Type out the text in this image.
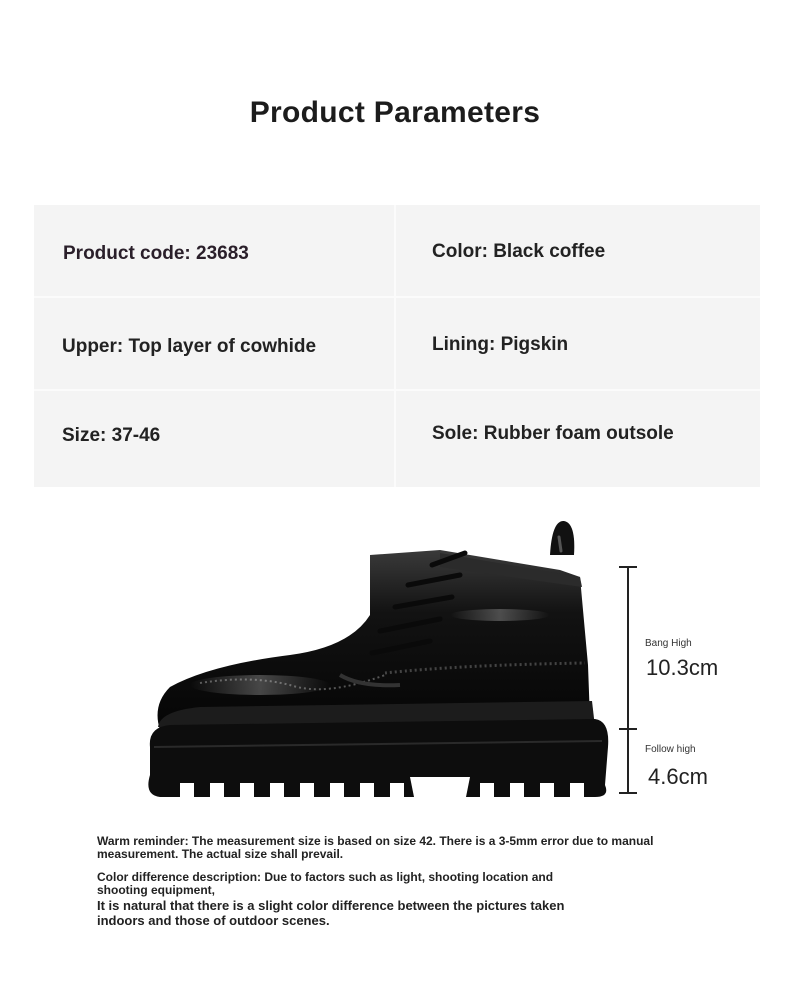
Product Parameters
Product code: 23683	Color: Black coffee
Upper: Top layer of cowhide	Lining: Pigskin
Size: 37-46	Sole: Rubber foam outsole
Bang High
10.3cm
Follow high
4.6cm
Warm reminder: The measurement size is based on size 42. There is a 3-5mm error due to manual
measurement. The actual size shall prevail.
Color difference description: Due to factors such as light, shooting location and
shooting equipment,
It is natural that there is a slight color difference between the pictures taken
indoors and those of outdoor scenes.
